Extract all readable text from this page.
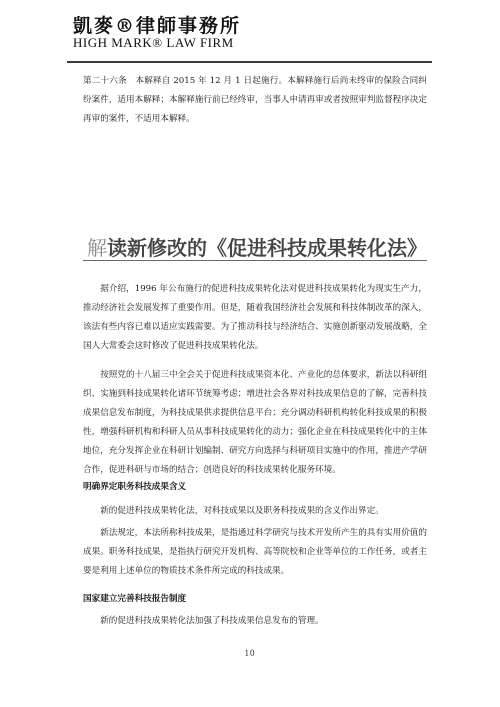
凱麥®律師事務所
HIGH MARK® LAW FIRM

第二十六条　本解释自 2015 年 12 月 1 日起施行。本解释施行后尚未终审的保险合同纠纷案件，适用本解释；本解释施行前已经终审，当事人申请再审或者按照审判监督程序决定再审的案件，不适用本解释。

解读新修改的《促进科技成果转化法》

据介绍，1996 年公布施行的促进科技成果转化法对促进科技成果转化为现实生产力，推动经济社会发展发挥了重要作用。但是，随着我国经济社会发展和科技体制改革的深入，该法有些内容已难以适应实践需要。为了推动科技与经济结合、实施创新驱动发展战略，全国人大常委会这时修改了促进科技成果转化法。

按照党的十八届三中全会关于促进科技成果资本化、产业化的总体要求，新法以科研组织、实施到科技成果转化诸环节统筹考虑；增进社会各界对科技成果信息的了解，完善科技成果信息发布制度，为科技成果供求提供信息平台；充分调动科研机构转化科技成果的积极性，增强科研机构和科研人员从事科技成果转化的动力；强化企业在科技成果转化中的主体地位，充分发挥企业在科研计划编制、研究方向选择与科研项目实施中的作用，推进产学研合作，促进科研与市场的结合；创造良好的科技成果转化服务环境。

明确界定职务科技成果含义

新的促进科技成果转化法，对科技成果以及职务科技成果的含义作出界定。

新法规定，本法所称科技成果，是指通过科学研究与技术开发所产生的具有实用价值的成果。职务科技成果，是指执行研究开发机构、高等院校和企业等单位的工作任务，或者主要是利用上述单位的物质技术条件所完成的科技成果。

国家建立完善科技报告制度

新的促进科技成果转化法加强了科技成果信息发布的管理。

10
